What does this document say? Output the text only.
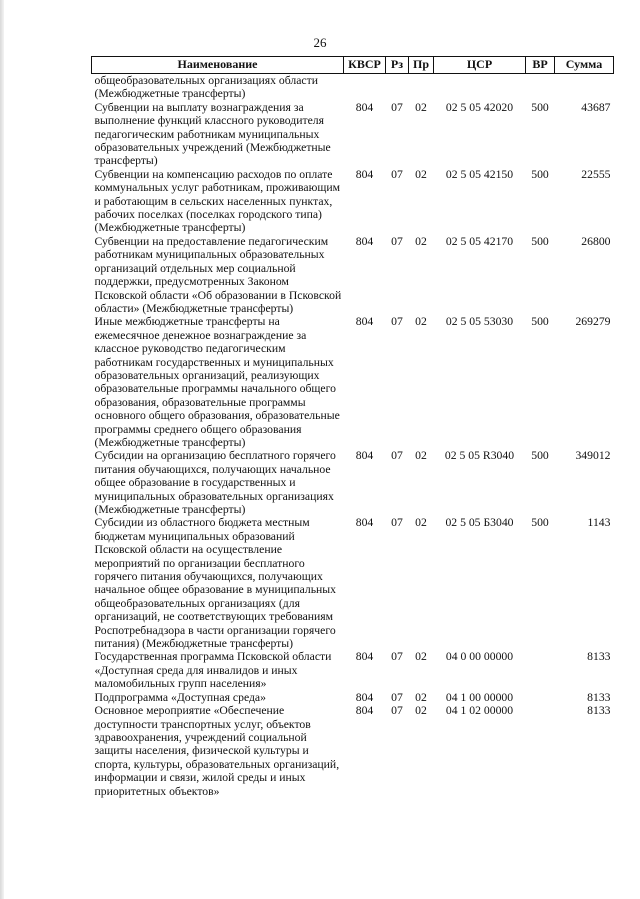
26
Наименование	КВСР	Рз	Пр	ЦСР	ВР	Сумма
общеобразовательных организациях области (Межбюджетные трансферты)						
Субвенции на выплату вознаграждения за выполнение функций классного руководителя педагогическим работникам муниципальных образовательных учреждений (Межбюджетные трансферты)	804	07	02	02 5 05 42020	500	43687
Субвенции на компенсацию расходов по оплате коммунальных услуг работникам, проживающим и работающим в сельских населенных пунктах, рабочих поселках (поселках городского типа) (Межбюджетные трансферты)	804	07	02	02 5 05 42150	500	22555
Субвенции на предоставление педагогическим работникам муниципальных образовательных организаций отдельных мер социальной поддержки, предусмотренных Законом Псковской области «Об образовании в Псковской области» (Межбюджетные трансферты)	804	07	02	02 5 05 42170	500	26800
Иные межбюджетные трансферты на ежемесячное денежное вознаграждение за классное руководство педагогическим работникам государственных и муниципальных образовательных организаций, реализующих образовательные программы начального общего образования, образовательные программы основного общего образования, образовательные программы среднего общего образования (Межбюджетные трансферты)	804	07	02	02 5 05 53030	500	269279
Субсидии на организацию бесплатного горячего питания обучающихся, получающих начальное общее образование в государственных и муниципальных образовательных организациях (Межбюджетные трансферты)	804	07	02	02 5 05 R3040	500	349012
Субсидии из областного бюджета местным бюджетам муниципальных образований Псковской области на осуществление мероприятий по организации бесплатного горячего питания обучающихся, получающих начальное общее образование в муниципальных общеобразовательных организациях (для организаций, не соответствующих требованиям Роспотребнадзора в части организации горячего питания) (Межбюджетные трансферты)	804	07	02	02 5 05 Б3040	500	1143
Государственная программа Псковской области «Доступная среда для инвалидов и иных маломобильных групп населения»	804	07	02	04 0 00 00000		8133
Подпрограмма «Доступная среда»	804	07	02	04 1 00 00000		8133
Основное мероприятие «Обеспечение доступности транспортных услуг, объектов здравоохранения, учреждений социальной защиты населения, физической культуры и спорта, культуры, образовательных организаций, информации и связи, жилой среды и иных приоритетных объектов»	804	07	02	04 1 02 00000		8133
